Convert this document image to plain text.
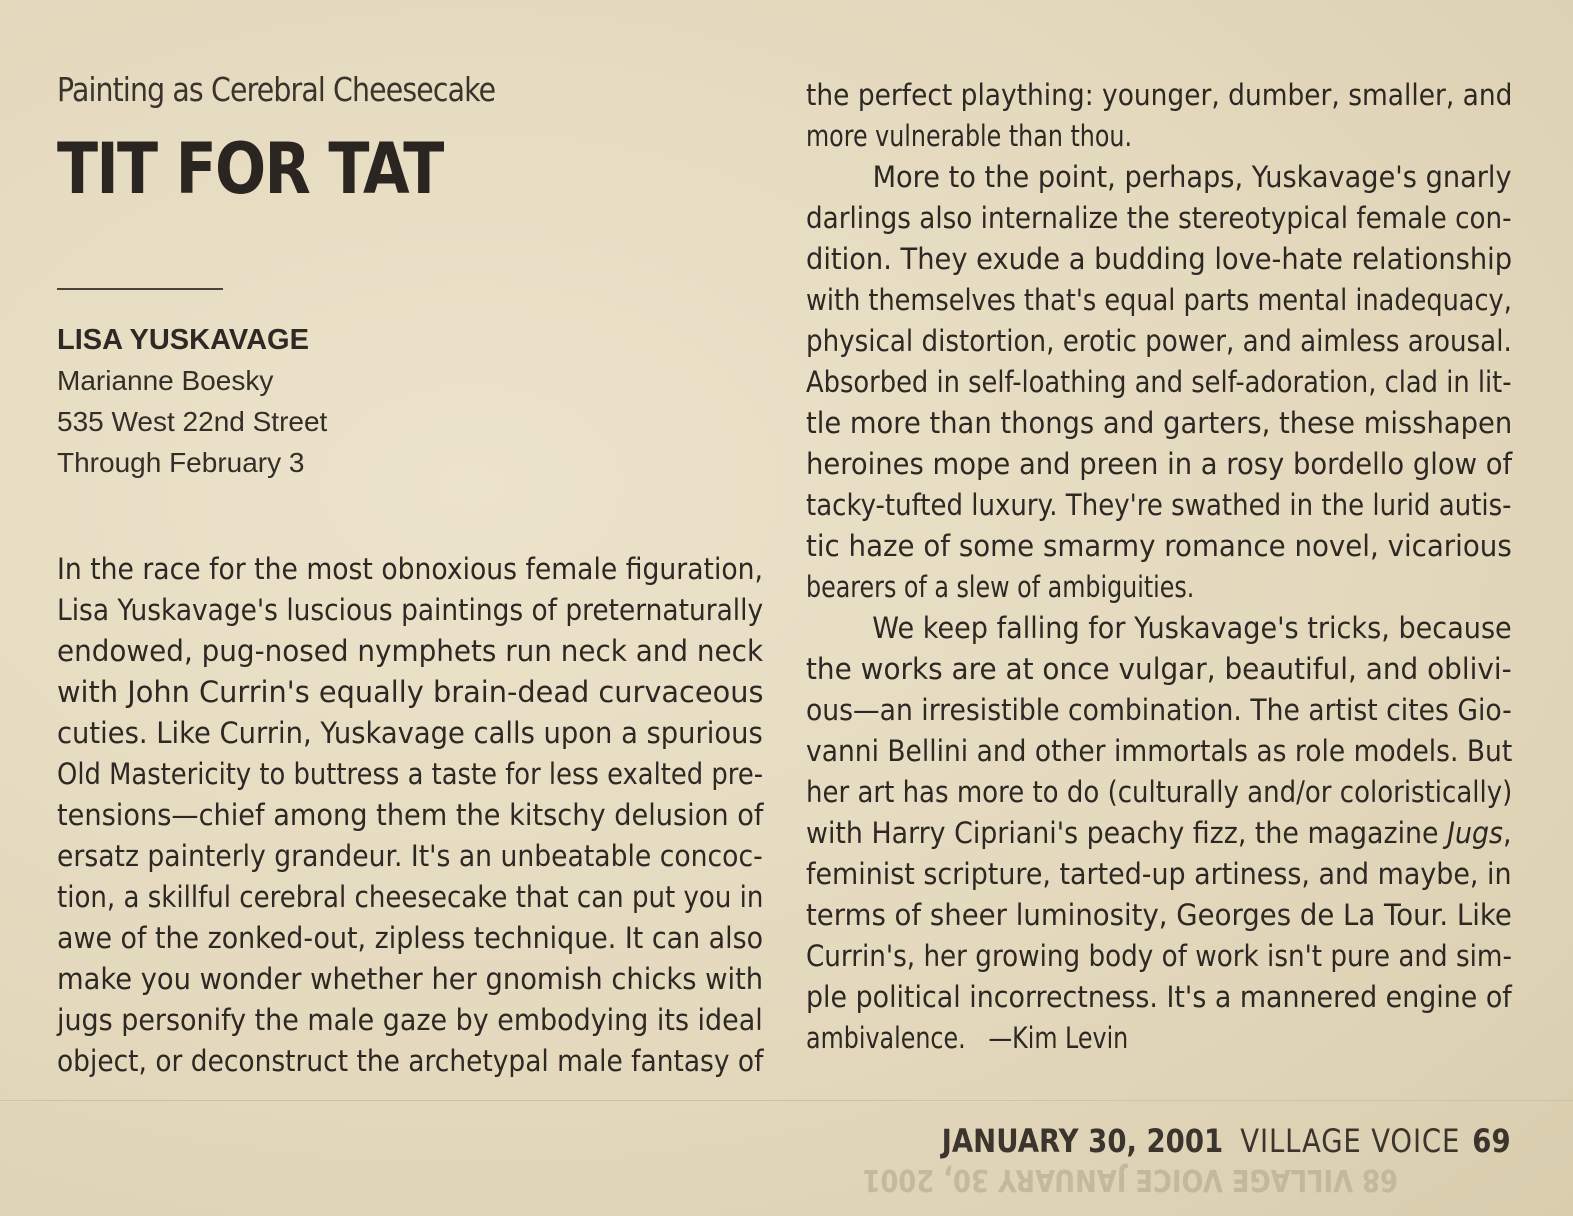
Painting as Cerebral Cheesecake
TIT FOR TAT
LISA YUSKAVAGE
Marianne Boesky
535 West 22nd Street
Through February 3
In the race for the most obnoxious female figuration,
Lisa Yuskavage's luscious paintings of preternaturally
endowed, pug-nosed nymphets run neck and neck
with John Currin's equally brain-dead curvaceous
cuties. Like Currin, Yuskavage calls upon a spurious
Old Mastericity to buttress a taste for less exalted pre-
tensions—chief among them the kitschy delusion of
ersatz painterly grandeur. It's an unbeatable concoc-
tion, a skillful cerebral cheesecake that can put you in
awe of the zonked-out, zipless technique. It can also
make you wonder whether her gnomish chicks with
jugs personify the male gaze by embodying its ideal
object, or deconstruct the archetypal male fantasy of
the perfect plaything: younger, dumber, smaller, and
more vulnerable than thou.
More to the point, perhaps, Yuskavage's gnarly
darlings also internalize the stereotypical female con-
dition. They exude a budding love-hate relationship
with themselves that's equal parts mental inadequacy,
physical distortion, erotic power, and aimless arousal.
Absorbed in self-loathing and self-adoration, clad in lit-
tle more than thongs and garters, these misshapen
heroines mope and preen in a rosy bordello glow of
tacky-tufted luxury. They're swathed in the lurid autis-
tic haze of some smarmy romance novel, vicarious
bearers of a slew of ambiguities.
We keep falling for Yuskavage's tricks, because
the works are at once vulgar, beautiful, and oblivi-
ous—an irresistible combination. The artist cites Gio-
vanni Bellini and other immortals as role models. But
her art has more to do (culturally and/or coloristically)
with Harry Cipriani's peachy fizz, the magazine Jugs,
feminist scripture, tarted-up artiness, and maybe, in
terms of sheer luminosity, Georges de La Tour. Like
Currin's, her growing body of work isn't pure and sim-
ple political incorrectness. It's a mannered engine of
ambivalence. —Kim Levin
JANUARY 30, 2001 VILLAGE VOICE 69
68 VILLAGE VOICE JANUARY 30, 2001
